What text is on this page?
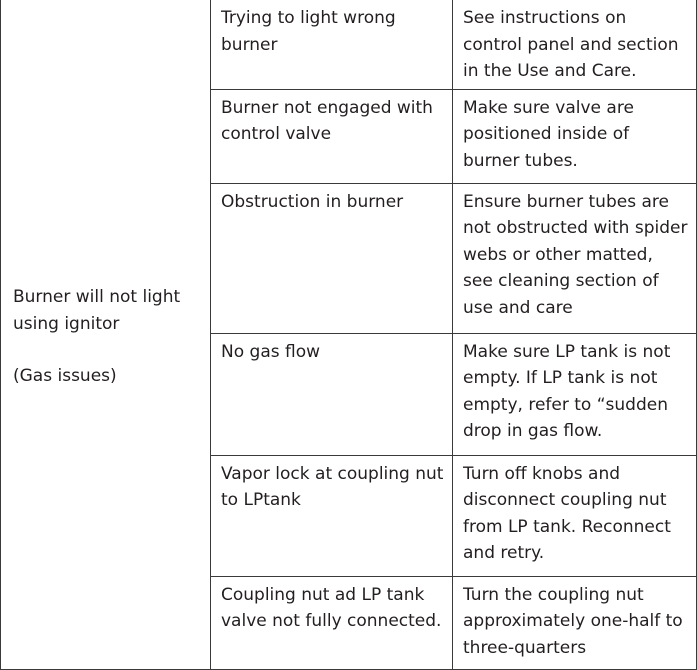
Burner will not light
using ignitor
(Gas issues)	Trying to light wrong burner	See instructions on control panel and section in the Use and Care.
	Burner not engaged with control valve	Make sure valve are positioned inside of burner tubes.
	Obstruction in burner	Ensure burner tubes are not obstructed with spider webs or other matted, see cleaning section of use and care
	No gas flow	Make sure LP tank is not empty. If LP tank is not empty, refer to “sudden drop in gas flow.
	Vapor lock at coupling nut to LPtank	Turn off knobs and disconnect coupling nut from LP tank. Reconnect and retry.
	Coupling nut ad LP tank valve not fully connected.	Turn the coupling nut approximately one-half to three-quarters
